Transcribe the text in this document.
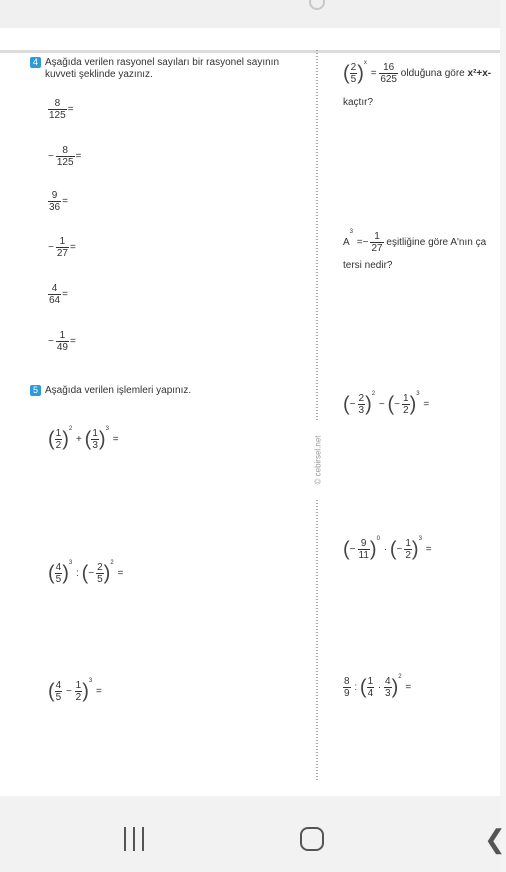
4 Aşağıda verilen rasyonel sayıları bir rasyonel sayının
kuvveti şeklinde yazınız.
$\frac{8}{125}$ =
− $\frac{8}{125}$ =
$\frac{9}{36}$ =
− $\frac{1}{27}$ =
$\frac{4}{64}$ =
− $\frac{1}{49}$ =
( $\frac{2}{5} )^x = \frac{16}{625}$ olduğuna göre x²+x-
kaçtır?
$A^3 =- \frac{1}{27}$ eşitliğine göre A'nın ça
tersi nedir?
5 Aşağıda verilen işlemleri yapınız.
( $\frac{1}{2} )^2$ + ( $\frac{1}{3} )^3$ =
( $\frac{4}{5} )^3$ : (− $\frac{2}{5} )^2$ =
( $\frac{4}{5} - \frac{1}{2} )^3$ =
(− $\frac{2}{3} )^2$ − (− $\frac{1}{2} )^3$ =
(− $\frac{9}{11} )^0$ · (− $\frac{1}{2} )^3$ =
$\frac{8}{9}$ : ( $\frac{1}{4} \cdot \frac{4}{3} )^2$ =
© cebirsel.net
❮
